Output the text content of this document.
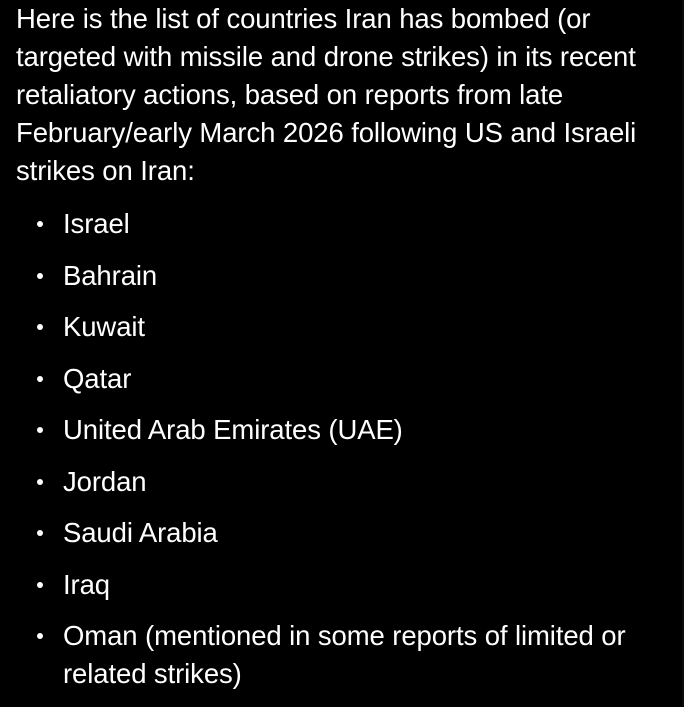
Here is the list of countries Iran has bombed (or targeted with missile and drone strikes) in its recent retaliatory actions, based on reports from late February/early March 2026 following US and Israeli strikes on Iran:

Israel
Bahrain
Kuwait
Qatar
United Arab Emirates (UAE)
Jordan
Saudi Arabia
Iraq
Oman (mentioned in some reports of limited or related strikes)
